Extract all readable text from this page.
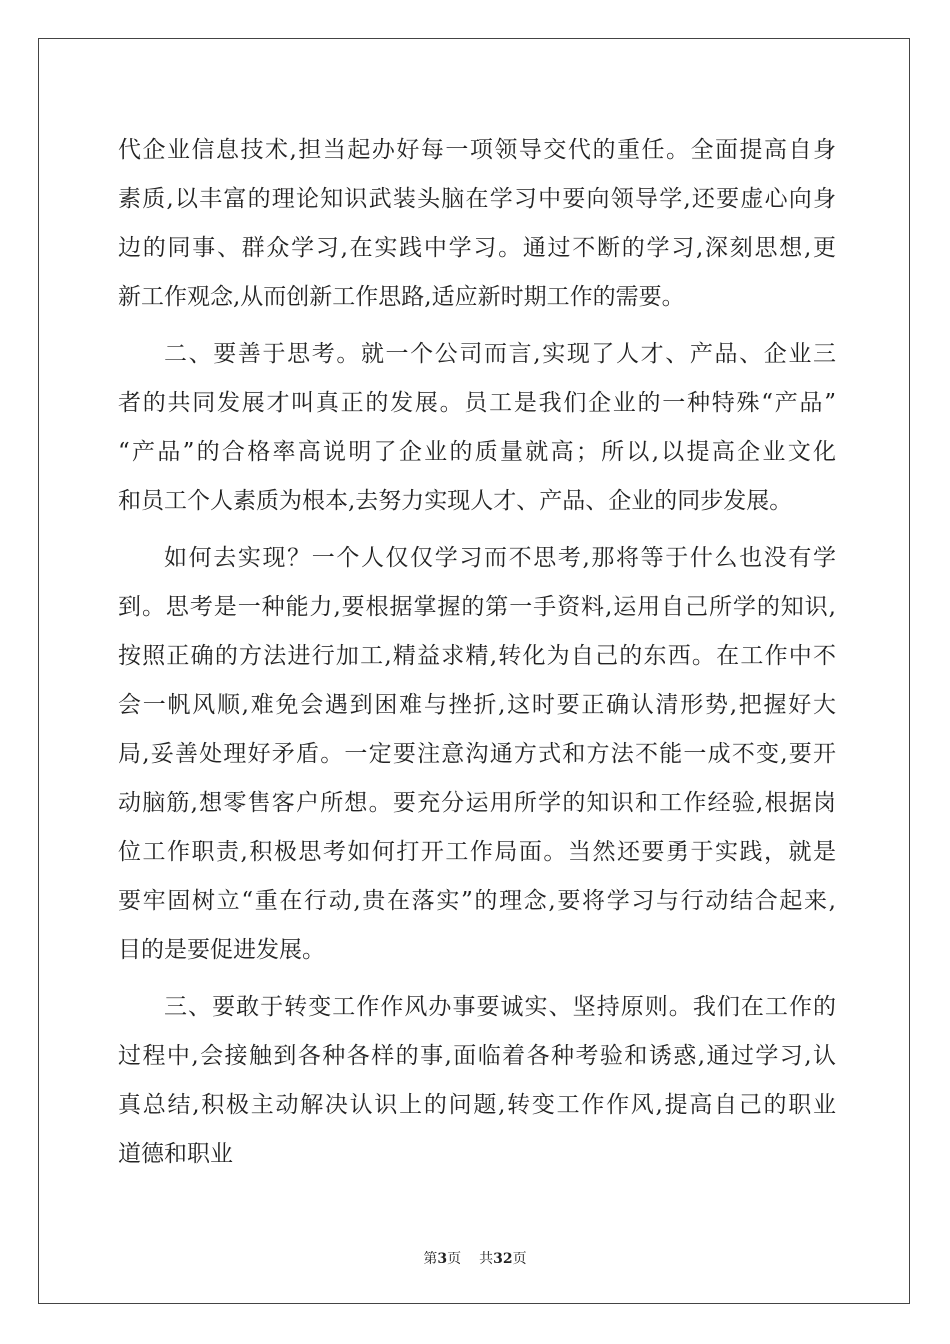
代企业信息技术,担当起办好每一项领导交代的重任。全面提高自身
素质,以丰富的理论知识武装头脑在学习中要向领导学,还要虚心向身
边的同事、群众学习,在实践中学习。通过不断的学习,深刻思想,更
新工作观念,从而创新工作思路,适应新时期工作的需要。
二、要善于思考。就一个公司而言,实现了人才、产品、企业三
者的共同发展才叫真正的发展。员工是我们企业的一种特殊“产品”
“产品”的合格率高说明了企业的质量就高；所以,以提高企业文化
和员工个人素质为根本,去努力实现人才、产品、企业的同步发展。
如何去实现？一个人仅仅学习而不思考,那将等于什么也没有学
到。思考是一种能力,要根据掌握的第一手资料,运用自己所学的知识,
按照正确的方法进行加工,精益求精,转化为自己的东西。在工作中不
会一帆风顺,难免会遇到困难与挫折,这时要正确认清形势,把握好大
局,妥善处理好矛盾。一定要注意沟通方式和方法不能一成不变,要开
动脑筋,想零售客户所想。要充分运用所学的知识和工作经验,根据岗
位工作职责,积极思考如何打开工作局面。当然还要勇于实践，就是
要牢固树立“重在行动,贵在落实”的理念,要将学习与行动结合起来,
目的是要促进发展。
三、要敢于转变工作作风办事要诚实、坚持原则。我们在工作的
过程中,会接触到各种各样的事,面临着各种考验和诱惑,通过学习,认
真总结,积极主动解决认识上的问题,转变工作作风,提高自己的职业
道德和职业
第3页 共32页
